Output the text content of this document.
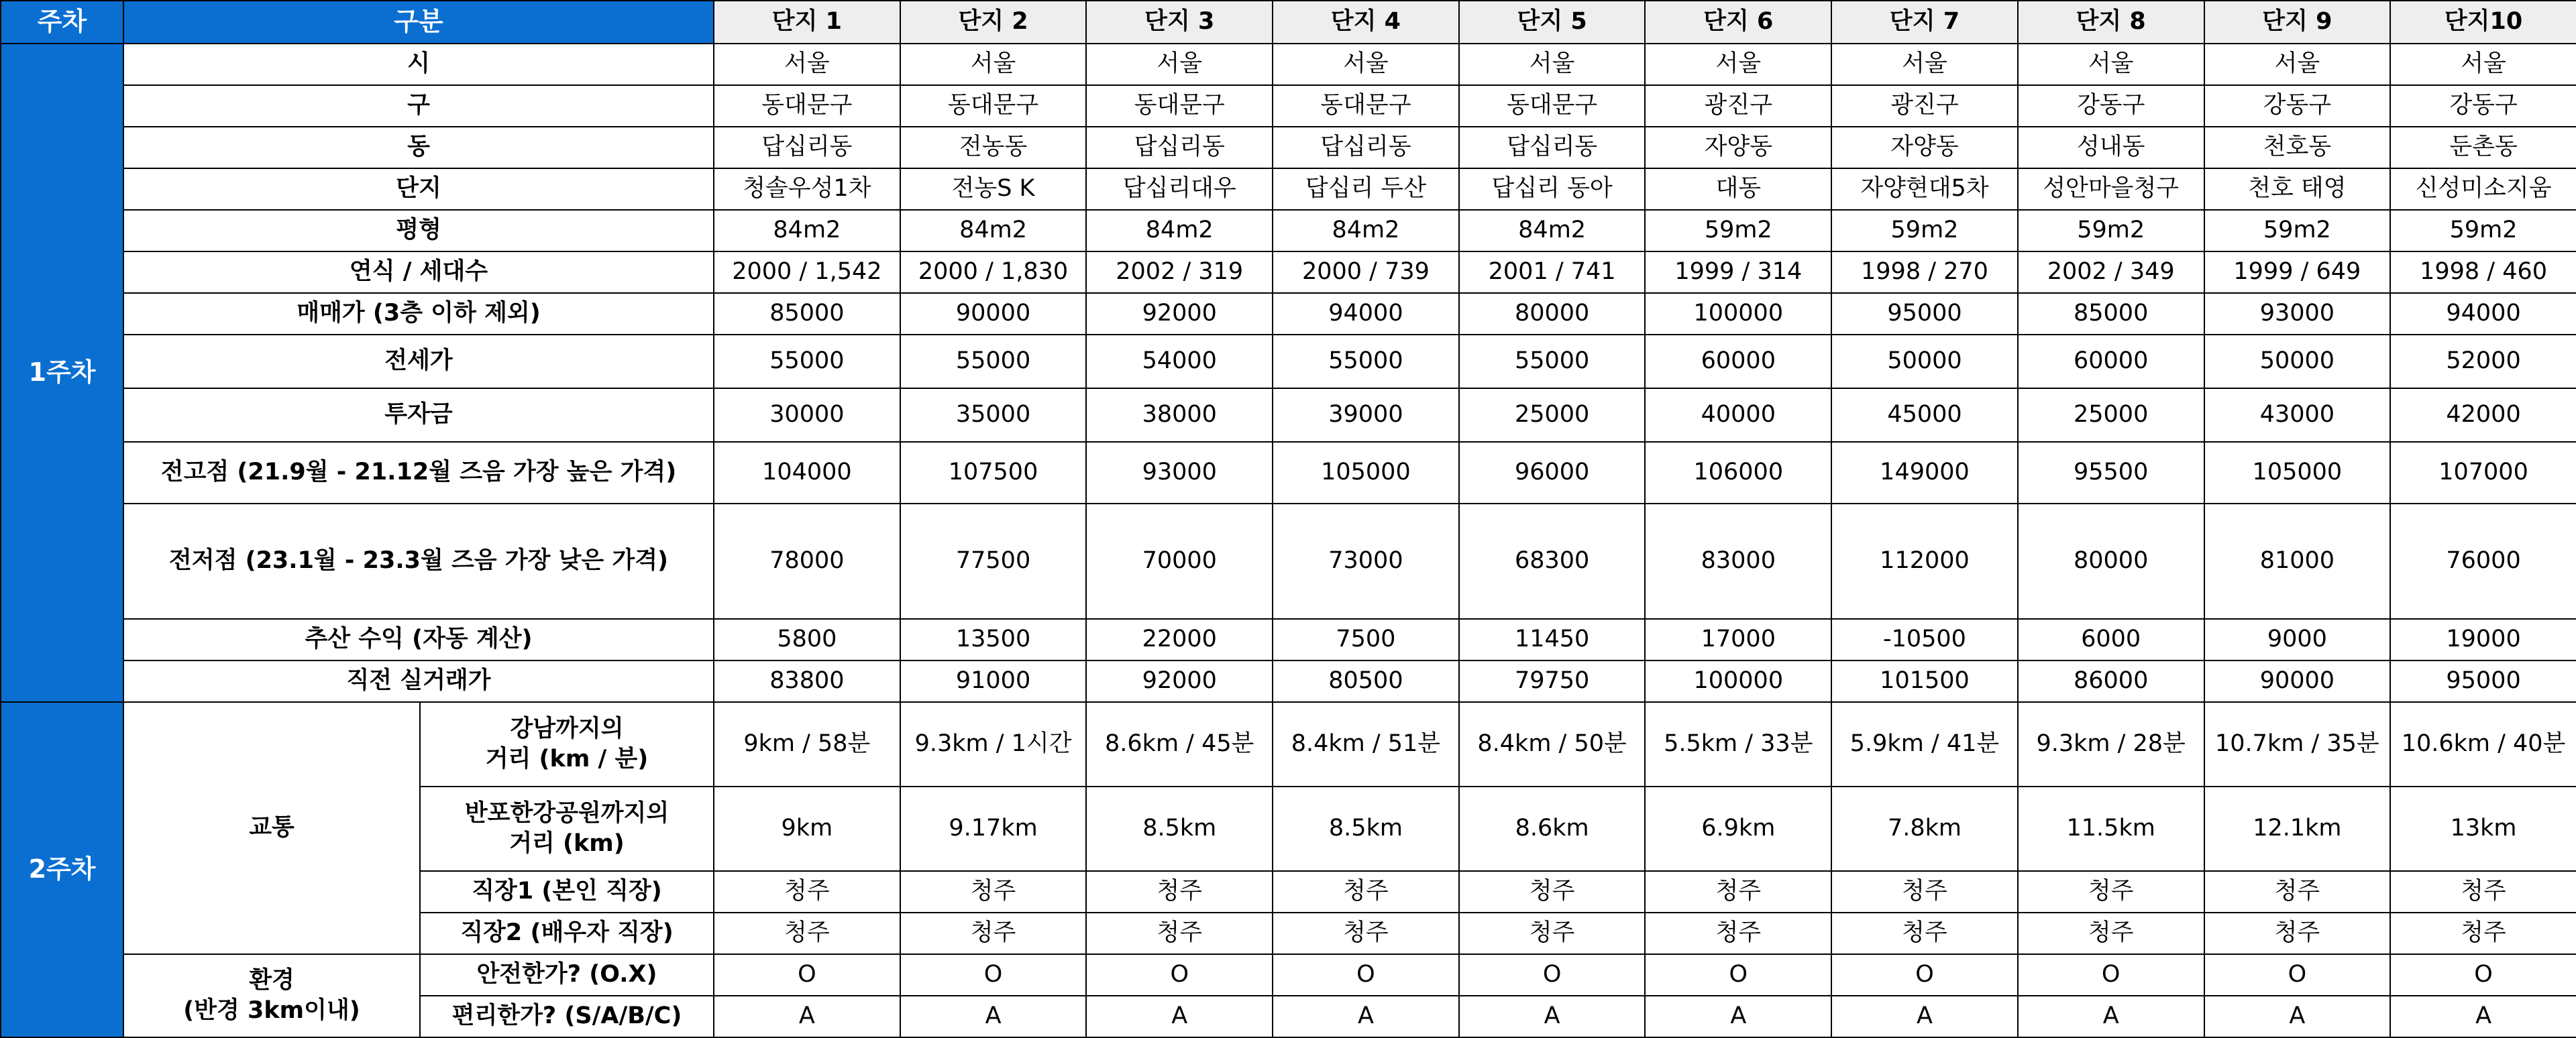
주차	구분		단지 1	단지 2	단지 3	단지 4	단지 5	단지 6	단지 7	단지 8	단지 9	단지10
1주차	시		서울	서울	서울	서울	서울	서울	서울	서울	서울	서울
	구		동대문구	동대문구	동대문구	동대문구	동대문구	광진구	광진구	강동구	강동구	강동구
	동		답십리동	전농동	답십리동	답십리동	답십리동	자양동	자양동	성내동	천호동	둔촌동
	단지		청솔우성1차	전농S K	답십리대우	답십리 두산	답십리 동아	대동	자양현대5차	성안마을청구	천호 태영	신성미소지움
	평형		84m2	84m2	84m2	84m2	84m2	59m2	59m2	59m2	59m2	59m2
	연식 / 세대수		2000 / 1,542	2000 / 1,830	2002 / 319	2000 / 739	2001 / 741	1999 / 314	1998 / 270	2002 / 349	1999 / 649	1998 / 460
	매매가 (3층 이하 제외)		85000	90000	92000	94000	80000	100000	95000	85000	93000	94000
	전세가		55000	55000	54000	55000	55000	60000	50000	60000	50000	52000
	투자금		30000	35000	38000	39000	25000	40000	45000	25000	43000	42000
	전고점 (21.9월 - 21.12월 즈음 가장 높은 가격)		104000	107500	93000	105000	96000	106000	149000	95500	105000	107000
	전저점 (23.1월 - 23.3월 즈음 가장 낮은 가격)		78000	77500	70000	73000	68300	83000	112000	80000	81000	76000
	추산 수익 (자동 계산)		5800	13500	22000	7500	11450	17000	-10500	6000	9000	19000
	직전 실거래가		83800	91000	92000	80500	79750	100000	101500	86000	90000	95000
2주차	교통	강남까지의
거리 (km / 분)	9km / 58분	9.3km / 1시간	8.6km / 45분	8.4km / 51분	8.4km / 50분	5.5km / 33분	5.9km / 41분	9.3km / 28분	10.7km / 35분	10.6km / 40분
		반포한강공원까지의
거리 (km)	9km	9.17km	8.5km	8.5km	8.6km	6.9km	7.8km	11.5km	12.1km	13km
		직장1 (본인 직장)	청주	청주	청주	청주	청주	청주	청주	청주	청주	청주
		직장2 (배우자 직장)	청주	청주	청주	청주	청주	청주	청주	청주	청주	청주
	환경
(반경 3km이내)	안전한가? (O.X)	O	O	O	O	O	O	O	O	O	O
		편리한가? (S/A/B/C)	A	A	A	A	A	A	A	A	A	A
